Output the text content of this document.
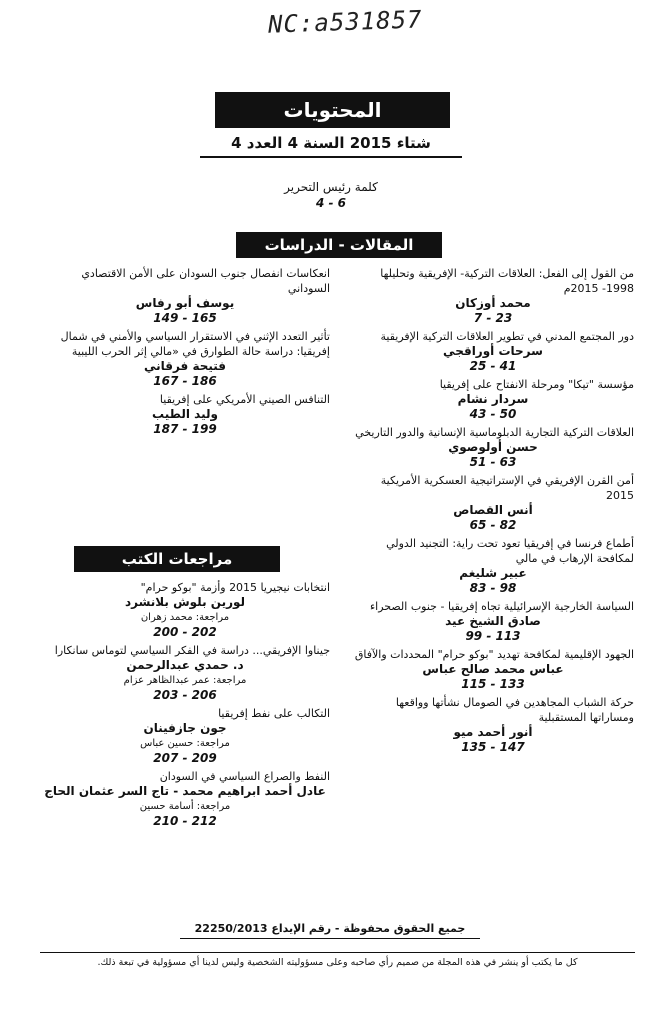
NC:a531857
المحتويات
شتاء 2015 السنة 4 العدد 4
كلمة رئيس التحرير
6 - 4
المقالات - الدراسات
من القول إلى الفعل: العلاقات التركية- الإفريقية وتحليلها 1998- 2015م
محمد أوزكان
23 - 7
دور المجتمع المدني في تطوير العلاقات التركية الإفريقية
سرحات أوراقجي
41 - 25
مؤسسة "تيكا" ومرحلة الانفتاح على إفريقيا
سردار نشام
50 - 43
العلاقات التركية التجارية الدبلوماسية الإنسانية والدور التاريخي
حسن أولوصوي
63 - 51
أمن القرن الإفريقي في الإستراتيجية العسكرية الأمريكية 2015
أنس القصاص
82 - 65
أطماع فرنسا في إفريقيا تعود تحت راية: التجنيد الدولي لمكافحة الإرهاب في مالي
عبير شليغم
98 - 83
السياسة الخارجية الإسرائيلية تجاه إفريقيا - جنوب الصحراء
صادق الشيخ عيد
113 - 99
الجهود الإقليمية لمكافحة تهديد "بوكو حرام" المحددات والآفاق
عباس محمد صالح عباس
133 - 115
حركة الشباب المجاهدين في الصومال نشأتها وواقعها ومساراتها المستقبلية
أنور أحمد ميو
147 - 135
انعكاسات انفصال جنوب السودان على الأمن الاقتصادي السوداني
يوسف أبو رفاس
165 - 149
تأثير التعدد الإثني في الاستقرار السياسي والأمني في شمال إفريقيا: دراسة حالة الطوارق في «مالي إثر الحرب الليبية
فتيحة فرقاني
186 - 167
التنافس الصيني الأمريكي على إفريقيا
وليد الطيب
199 - 187
مراجعات الكتب
انتخابات نيجيريا 2015 وأزمة "بوكو حرام"
لورين بلوش بلانشرد
مراجعة: محمد زهران
202 - 200
جيناوا الإفريقي... دراسة في الفكر السياسي لتوماس سانكارا
د. حمدي عبدالرحمن
مراجعة: عمر عبدالظاهر عزام
206 - 203
التكالب على نفط إفريقيا
جون جازفينان
مراجعة: حسين عباس
209 - 207
النفط والصراع السياسي في السودان
عادل أحمد ابراهيم محمد - تاج السر عثمان الحاج
مراجعة: أسامة حسين
212 - 210
جميع الحقوق محفوظة - رقم الإيداع 22250/2013
كل ما يكتب أو ينشر في هذه المجلة من صميم رأي صاحبه وعلى مسؤوليته الشخصية وليس لدينا أي مسؤولية في تبعة ذلك.
